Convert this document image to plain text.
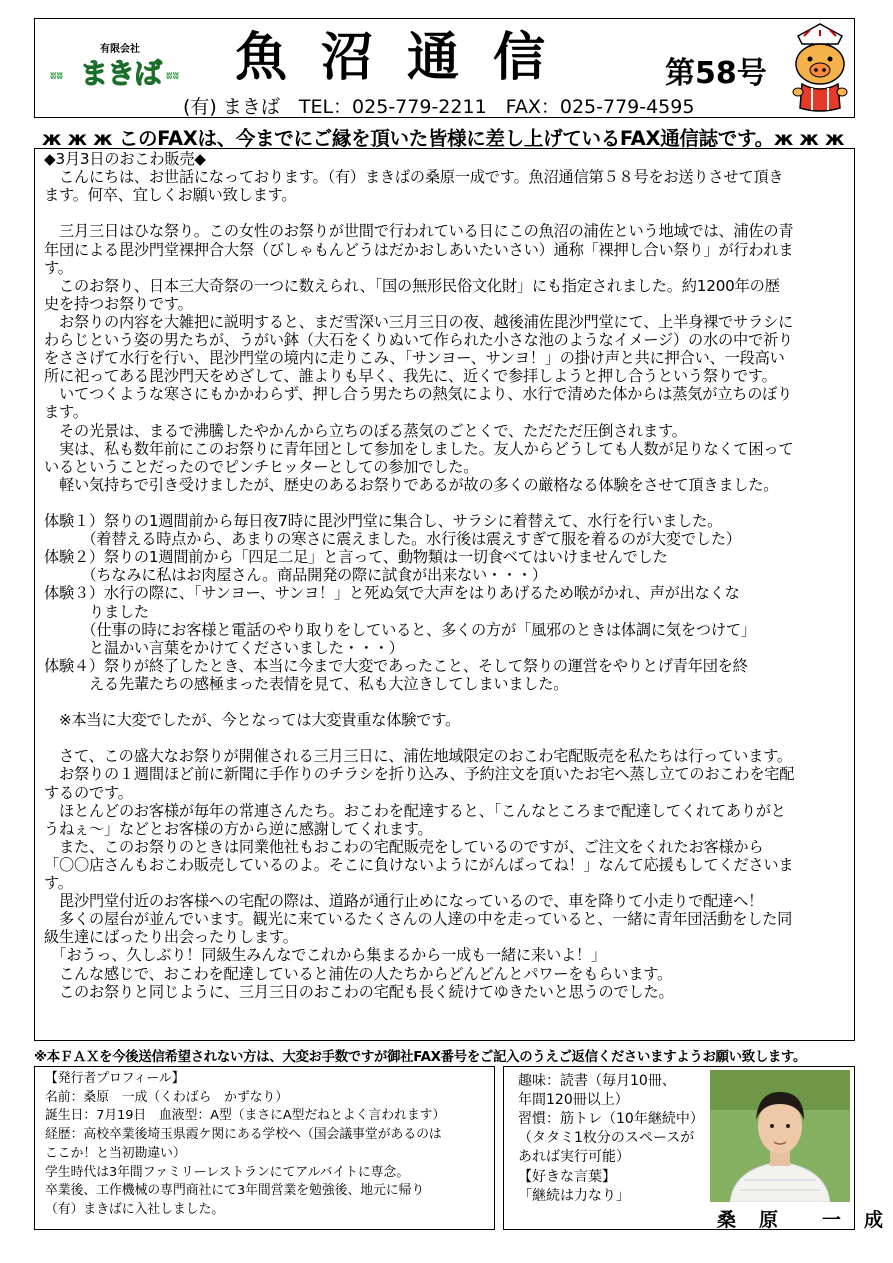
有限会社
ʬʬ まきば ʬʬ 魚沼通信	第58号
(有) まきば　TEL：025-779-2211　FAX：025-779-4595
ж ж ж このFAXは、今までにご縁を頂いた皆様に差し上げているFAX通信誌です。ж ж ж
◆3月3日のおこわ販売◆
　こんにちは、お世話になっております。（有）まきばの桑原一成です。魚沼通信第５８号をお送りさせて頂き
ます。何卒、宜しくお願い致します。
　三月三日はひな祭り。この女性のお祭りが世間で行われている日にこの魚沼の浦佐という地域では、浦佐の青
年団による毘沙門堂裸押合大祭（びしゃもんどうはだかおしあいたいさい）通称「裸押し合い祭り」が行われま
す。
　このお祭り、日本三大奇祭の一つに数えられ、「国の無形民俗文化財」にも指定されました。約1200年の歴
史を持つお祭りです。
　お祭りの内容を大雑把に説明すると、まだ雪深い三月三日の夜、越後浦佐毘沙門堂にて、上半身裸でサラシに
わらじという姿の男たちが、うがい鉢（大石をくりぬいて作られた小さな池のようなイメージ）の水の中で祈り
をささげて水行を行い、毘沙門堂の境内に走りこみ、「サンヨー、サンヨ！」の掛け声と共に押合い、一段高い
所に祀ってある毘沙門天をめざして、誰よりも早く、我先に、近くで参拝しようと押し合うという祭りです。
　いてつくような寒さにもかかわらず、押し合う男たちの熱気により、水行で清めた体からは蒸気が立ちのぼり
ます。
　その光景は、まるで沸騰したやかんから立ちのぼる蒸気のごとくで、ただただ圧倒されます。
　実は、私も数年前にこのお祭りに青年団として参加をしました。友人からどうしても人数が足りなくて困って
いるということだったのでピンチヒッターとしての参加でした。
　軽い気持ちで引き受けましたが、歴史のあるお祭りであるが故の多くの厳格なる体験をさせて頂きました。
体験１）祭りの1週間前から毎日夜7時に毘沙門堂に集合し、サラシに着替えて、水行を行いました。
　　　（着替える時点から、あまりの寒さに震えました。水行後は震えすぎて服を着るのが大変でした）
体験２）祭りの1週間前から「四足二足」と言って、動物類は一切食べてはいけませんでした
　　　（ちなみに私はお肉屋さん。商品開発の際に試食が出来ない・・・）
体験３）水行の際に、「サンヨー、サンヨ！」と死ぬ気で大声をはりあげるため喉がかれ、声が出なくな
　　　りました
　　　（仕事の時にお客様と電話のやり取りをしていると、多くの方が「風邪のときは体調に気をつけて」
　　　と温かい言葉をかけてくださいました・・・）
体験４）祭りが終了したとき、本当に今まで大変であったこと、そして祭りの運営をやりとげ青年団を終
　　　える先輩たちの感極まった表情を見て、私も大泣きしてしまいました。
　※本当に大変でしたが、今となっては大変貴重な体験です。
　さて、この盛大なお祭りが開催される三月三日に、浦佐地域限定のおこわ宅配販売を私たちは行っています。
　お祭りの１週間ほど前に新聞に手作りのチラシを折り込み、予約注文を頂いたお宅へ蒸し立てのおこわを宅配
するのです。
　ほとんどのお客様が毎年の常連さんたち。おこわを配達すると、「こんなところまで配達してくれてありがと
うねぇ～」などとお客様の方から逆に感謝してくれます。
　また、このお祭りのときは同業他社もおこわの宅配販売をしているのですが、ご注文をくれたお客様から
「〇〇店さんもおこわ販売しているのよ。そこに負けないようにがんばってね！」なんて応援もしてくださいま
す。
　毘沙門堂付近のお客様への宅配の際は、道路が通行止めになっているので、車を降りて小走りで配達へ！
　多くの屋台が並んでいます。観光に来ているたくさんの人達の中を走っていると、一緒に青年団活動をした同
級生達にばったり出会ったりします。
　「おうっ、久しぶり！同級生みんなでこれから集まるから一成も一緒に来いよ！」
　こんな感じで、おこわを配達していると浦佐の人たちからどんどんとパワーをもらいます。
　このお祭りと同じように、三月三日のおこわの宅配も長く続けてゆきたいと思うのでした。
※本ＦＡＸを今後送信希望されない方は、大変お手数ですが御社FAX番号をご記入のうえご返信くださいますようお願い致します。
【発行者プロフィール】
名前：桑原　一成（くわばら　かずなり）
誕生日：7月19日　血液型：A型（まさにA型だねとよく言われます）
経歴：高校卒業後埼玉県霞ケ関にある学校へ（国会議事堂があるのは
ここか！と当初勘違い）
学生時代は3年間ファミリーレストランにてアルバイトに専念。
卒業後、工作機械の専門商社にて3年間営業を勉強後、地元に帰り
（有）まきばに入社しました。
趣味：読書（毎月10冊、
年間120冊以上）
習慣：筋トレ（10年継続中）
（タタミ1枚分のスペースが
あれば実行可能）
【好きな言葉】
「継続は力なり」
桑　原　　一　成
